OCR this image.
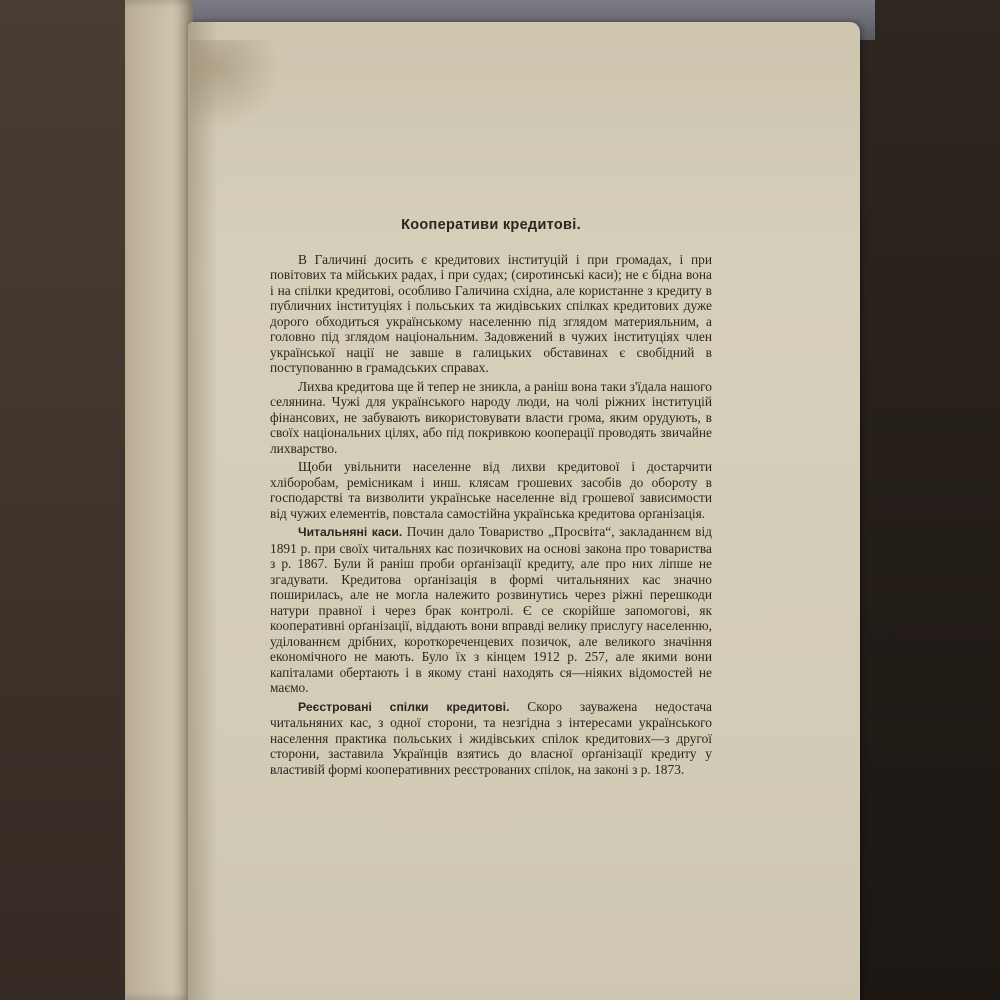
Кооперативи кредитові.

В Галичині досить є кредитових інституцій і при громадах, і при повітових та мійських радах, і при судах; (сиротинські каси); не є бідна вона і на спілки кредитові, особливо Галичина східна, але користанне з кредиту в публичних інституціях і польських та жидівських спілках кредитових дуже дорого обходиться українському населенню під зглядом материяльним, а головно під зглядом національним. Задовжений в чужих інституціях член української нації не завше в галицьких обставинах є свобідний в поступованню в грамадських справах.

Лихва кредитова ще й тепер не зникла, а раніш вона таки з'їдала нашого селянина. Чужі для українського народу люди, на чолі ріжних інституцій фінансових, не забувають використовувати власти грома, яким орудують, в своїх національних цілях, або під покривкою кооперації проводять звичайне лихварство.

Щоби увільнити населенне від лихви кредитової і достарчити хліборобам, ремісникам і инш. клясам грошевих засобів до обороту в господарстві та визволити українське населенне від грошевої зависимости від чужих елементів, повстала самостійна українська кредитова орґанізація.

Читальняні каси. Почин дало Товариство „Просвіта“, закладаннєм від 1891 р. при своїх читальнях кас позичкових на основі закона про товариства з р. 1867. Були й раніш проби орґанізації кредиту, але про них ліпше не згадувати. Кредитова орґанізація в формі читальняних кас значно поширилась, але не могла належито розвинутись через ріжні перешкоди натури правної і через брак контролі. Є се скорійше запомогові, як кооперативні орґанізації, віддають вони вправді велику прислугу населенню, уділованнєм дрібних, короткореченцевих позичок, але великого значіння економічного не мають. Було їх з кінцем 1912 р. 257, але якими вони капіталами обертають і в якому стані находять ся—ніяких відомостей не маємо.

Реєстровані спілки кредитові. Скоро зауважена недостача читальняних кас, з одної сторони, та незгідна з інтересами українського населення практика польських і жидівських спілок кредитових—з другої сторони, заставила Українців взятись до власної орґанізації кредиту у властивій формі кооперативних реєстрованих спілок, на законі з р. 1873.
